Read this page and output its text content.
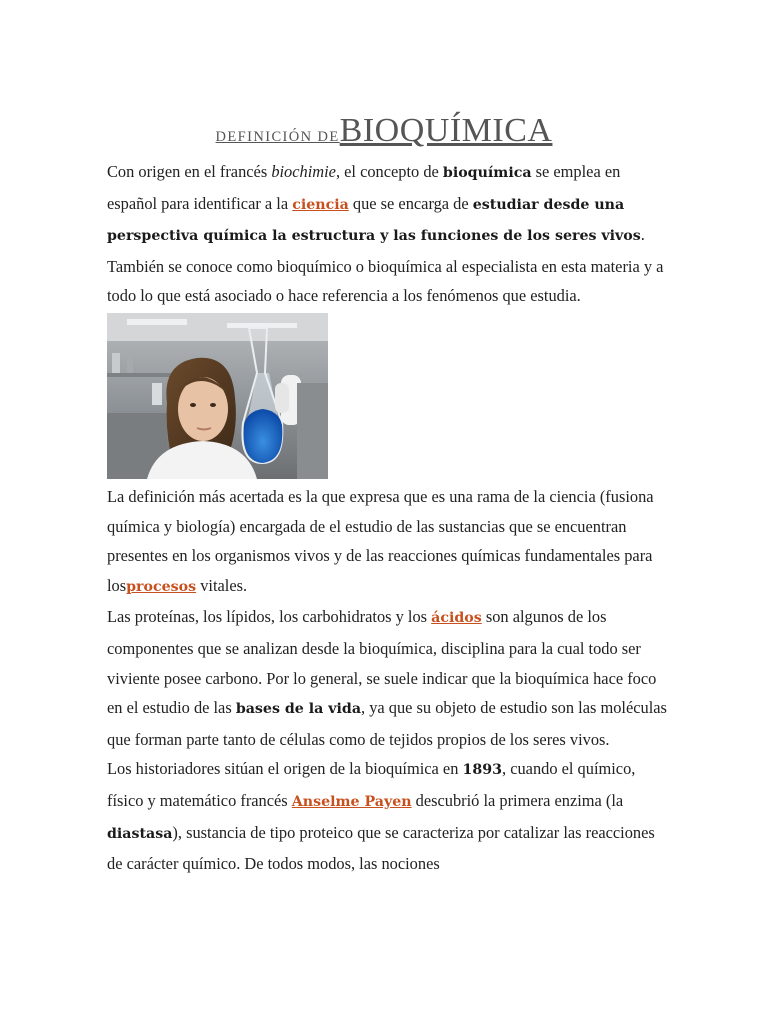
DEFINICIÓN DEBIOQUÍMICA

Con origen en el francés biochimie, el concepto de bioquímica se emplea en español para identificar a la ciencia que se encarga de estudiar desde una perspectiva química la estructura y las funciones de los seres vivos. También se conoce como bioquímico o bioquímica al especialista en esta materia y a todo lo que está asociado o hace referencia a los fenómenos que estudia.

La definición más acertada es la que expresa que es una rama de la ciencia (fusiona química y biología) encargada de el estudio de las sustancias que se encuentran presentes en los organismos vivos y de las reacciones químicas fundamentales para losprocesos vitales.

Las proteínas, los lípidos, los carbohidratos y los ácidos son algunos de los componentes que se analizan desde la bioquímica, disciplina para la cual todo ser viviente posee carbono. Por lo general, se suele indicar que la bioquímica hace foco en el estudio de las bases de la vida, ya que su objeto de estudio son las moléculas que forman parte tanto de células como de tejidos propios de los seres vivos.

Los historiadores sitúan el origen de la bioquímica en 1893, cuando el químico, físico y matemático francés Anselme Payen descubrió la primera enzima (la diastasa), sustancia de tipo proteico que se caracteriza por catalizar las reacciones de carácter químico. De todos modos, las nociones
